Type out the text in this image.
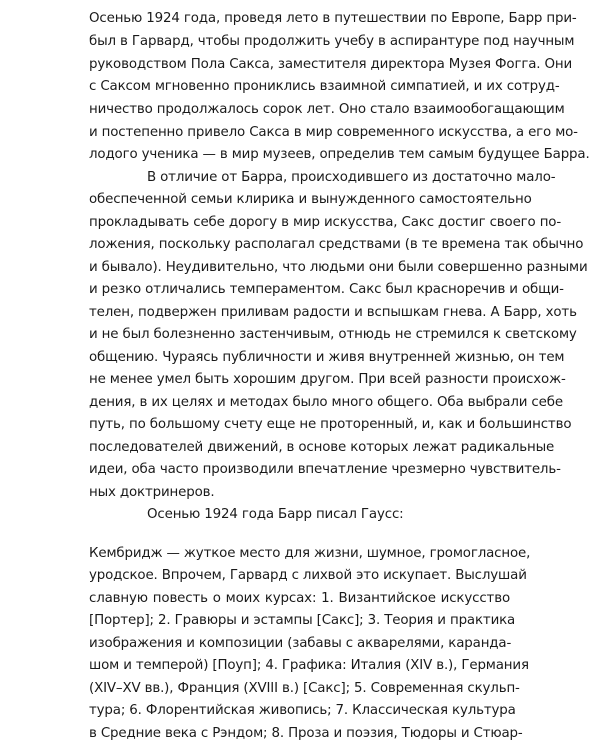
Осенью 1924 года, проведя лето в путешествии по Европе, Барр при-
был в Гарвард, чтобы продолжить учебу в аспирантуре под научным
руководством Пола Сакса, заместителя директора Музея Фогга. Они
с Саксом мгновенно прониклись взаимной симпатией, и их сотруд-
ничество продолжалось сорок лет. Оно стало взаимообогащающим
и постепенно привело Сакса в мир современного искусства, а его мо-
лодого ученика — в мир музеев, определив тем самым будущее Барра.
В отличие от Барра, происходившего из достаточно мало-
обеспеченной семьи клирика и вынужденного самостоятельно
прокладывать себе дорогу в мир искусства, Сакс достиг своего по-
ложения, поскольку располагал средствами (в те времена так обычно
и бывало). Неудивительно, что людьми они были совершенно разными
и резко отличались темпераментом. Сакс был красноречив и общи-
телен, подвержен приливам радости и вспышкам гнева. А Барр, хоть
и не был болезненно застенчивым, отнюдь не стремился к светскому
общению. Чураясь публичности и живя внутренней жизнью, он тем
не менее умел быть хорошим другом. При всей разности происхож-
дения, в их целях и методах было много общего. Оба выбрали себе
путь, по большому счету еще не проторенный, и, как и большинство
последователей движений, в основе которых лежат радикальные
идеи, оба часто производили впечатление чрезмерно чувствитель-
ных доктринеров.
Осенью 1924 года Барр писал Гаусс:
Кембридж — жуткое место для жизни, шумное, громогласное,
уродское. Впрочем, Гарвард с лихвой это искупает. Выслушай
славную повесть о моих курсах: 1. Византийское искусство
[Портер]; 2. Гравюры и эстампы [Сакс]; 3. Теория и практика
изображения и композиции (забавы с акварелями, каранда-
шом и темперой) [Поуп]; 4. Графика: Италия (XIV в.), Германия
(XIV–XV вв.), Франция (XVIII в.) [Сакс]; 5. Современная скульп-
тура; 6. Флорентийская живопись; 7. Классическая культура
в Средние века с Рэндом; 8. Проза и поэзия, Тюдоры и Стюар-
